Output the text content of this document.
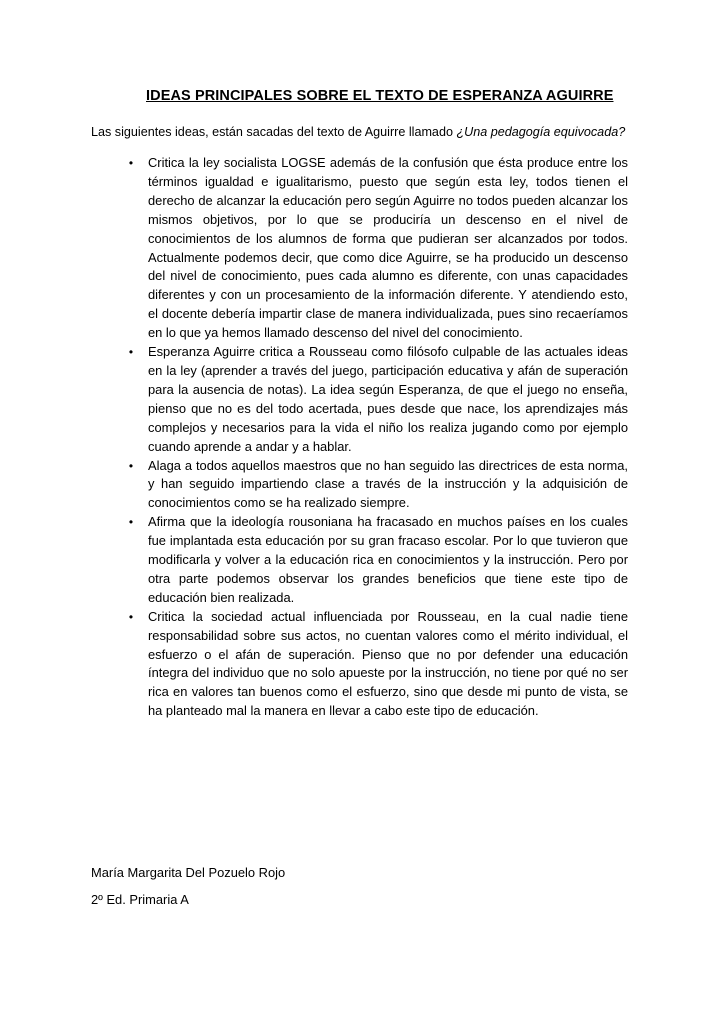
IDEAS PRINCIPALES SOBRE EL TEXTO DE ESPERANZA AGUIRRE

Las siguientes ideas, están sacadas del texto de Aguirre llamado ¿Una pedagogía equivocada?

• Critica la ley socialista LOGSE además de la confusión que ésta produce entre los términos igualdad e igualitarismo, puesto que según esta ley, todos tienen el derecho de alcanzar la educación pero según Aguirre no todos pueden alcanzar los mismos objetivos, por lo que se produciría un descenso en el nivel de conocimientos de los alumnos de forma que pudieran ser alcanzados por todos. Actualmente podemos decir, que como dice Aguirre, se ha producido un descenso del nivel de conocimiento, pues cada alumno es diferente, con unas capacidades diferentes y con un procesamiento de la información diferente. Y atendiendo esto, el docente debería impartir clase de manera individualizada, pues sino recaeríamos en lo que ya hemos llamado descenso del nivel del conocimiento.
• Esperanza Aguirre critica a Rousseau como filósofo culpable de las actuales ideas en la ley (aprender a través del juego, participación educativa y afán de superación para la ausencia de notas). La idea según Esperanza, de que el juego no enseña, pienso que no es del todo acertada, pues desde que nace, los aprendizajes más complejos y necesarios para la vida el niño los realiza jugando como por ejemplo cuando aprende a andar y a hablar.
• Alaga a todos aquellos maestros que no han seguido las directrices de esta norma, y han seguido impartiendo clase a través de la instrucción y la adquisición de conocimientos como se ha realizado siempre.
• Afirma que la ideología rousoniana ha fracasado en muchos países en los cuales fue implantada esta educación por su gran fracaso escolar. Por lo que tuvieron que modificarla y volver a la educación rica en conocimientos y la instrucción. Pero por otra parte podemos observar los grandes beneficios que tiene este tipo de educación bien realizada.
• Critica la sociedad actual influenciada por Rousseau, en la cual nadie tiene responsabilidad sobre sus actos, no cuentan valores como el mérito individual, el esfuerzo o el afán de superación. Pienso que no por defender una educación íntegra del individuo que no solo apueste por la instrucción, no tiene por qué no ser rica en valores tan buenos como el esfuerzo, sino que desde mi punto de vista, se ha planteado mal la manera en llevar a cabo este tipo de educación.

María Margarita Del Pozuelo Rojo

2º Ed. Primaria A
